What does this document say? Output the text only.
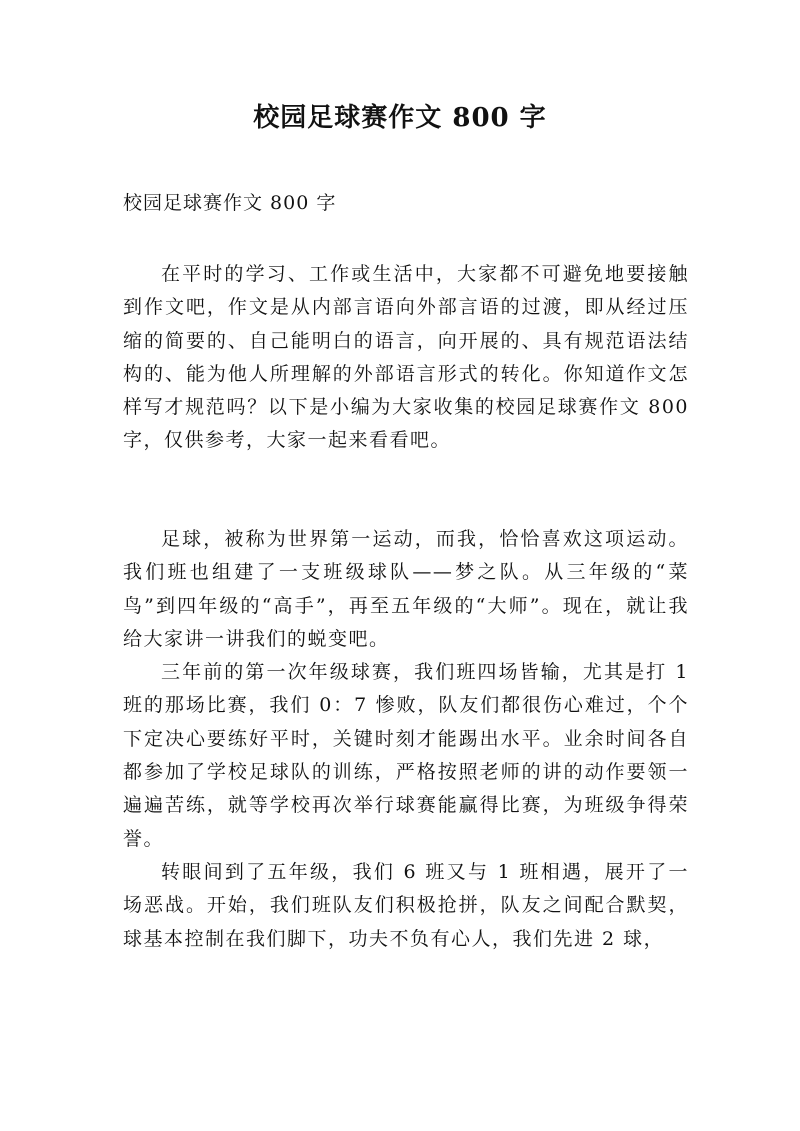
校园足球赛作文 800 字
校园足球赛作文 800 字

在平时的学习、工作或生活中，大家都不可避免地要接触到作文吧，作文是从内部言语向外部言语的过渡，即从经过压缩的简要的、自己能明白的语言，向开展的、具有规范语法结构的、能为他人所理解的外部语言形式的转化。你知道作文怎样写才规范吗？以下是小编为大家收集的校园足球赛作文 800 字，仅供参考，大家一起来看看吧。

足球，被称为世界第一运动，而我，恰恰喜欢这项运动。我们班也组建了一支班级球队——梦之队。从三年级的“菜鸟”到四年级的“高手”，再至五年级的“大师”。现在，就让我给大家讲一讲我们的蜕变吧。

三年前的第一次年级球赛，我们班四场皆输，尤其是打 1 班的那场比赛，我们 0：7 惨败，队友们都很伤心难过，个个下定决心要练好平时，关键时刻才能踢出水平。业余时间各自都参加了学校足球队的训练，严格按照老师的讲的动作要领一遍遍苦练，就等学校再次举行球赛能赢得比赛，为班级争得荣誉。

转眼间到了五年级，我们 6 班又与 1 班相遇，展开了一场恶战。开始，我们班队友们积极抢拼，队友之间配合默契，球基本控制在我们脚下，功夫不负有心人，我们先进 2 球，
